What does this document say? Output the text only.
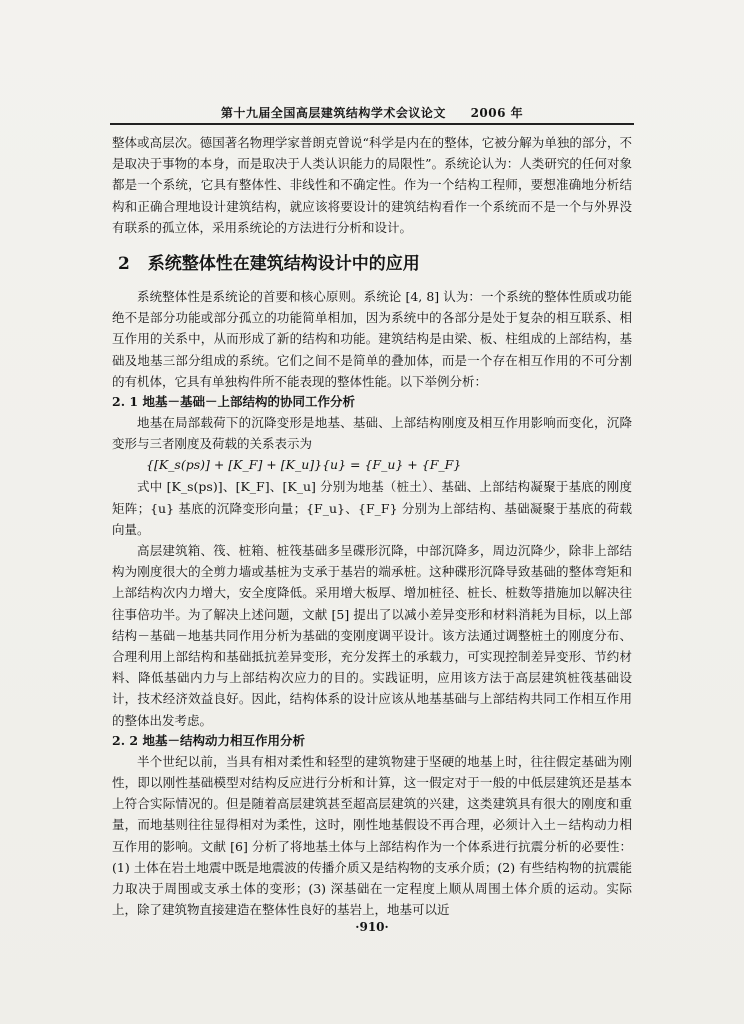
第十九届全国高层建筑结构学术会议论文 2006 年

整体或高层次。德国著名物理学家普朗克曾说“科学是内在的整体，它被分解为单独的部分，不是取决于事物的本身，而是取决于人类认识能力的局限性”。系统论认为：人类研究的任何对象都是一个系统，它具有整体性、非线性和不确定性。作为一个结构工程师，要想准确地分析结构和正确合理地设计建筑结构，就应该将要设计的建筑结构看作一个系统而不是一个与外界没有联系的孤立体，采用系统论的方法进行分析和设计。

2 系统整体性在建筑结构设计中的应用

系统整体性是系统论的首要和核心原则。系统论 [4, 8] 认为：一个系统的整体性质或功能绝不是部分功能或部分孤立的功能简单相加，因为系统中的各部分是处于复杂的相互联系、相互作用的关系中，从而形成了新的结构和功能。建筑结构是由梁、板、柱组成的上部结构，基础及地基三部分组成的系统。它们之间不是简单的叠加体，而是一个存在相互作用的不可分割的有机体，它具有单独构件所不能表现的整体性能。以下举例分析：

2. 1 地基－基础－上部结构的协同工作分析

地基在局部载荷下的沉降变形是地基、基础、上部结构刚度及相互作用影响而变化，沉降变形与三者刚度及荷载的关系表示为

{[K_s(ps)] + [K_F] + [K_u]}{u} = {F_u} + {F_F}

式中 [K_s(ps)]、[K_F]、[K_u] 分别为地基（桩土）、基础、上部结构凝聚于基底的刚度矩阵；{u} 基底的沉降变形向量；{F_u}、{F_F} 分别为上部结构、基础凝聚于基底的荷载向量。

高层建筑箱、筏、桩箱、桩筏基础多呈碟形沉降，中部沉降多，周边沉降少，除非上部结构为刚度很大的全剪力墙或基桩为支承于基岩的端承桩。这种碟形沉降导致基础的整体弯矩和上部结构次内力增大，安全度降低。采用增大板厚、增加桩径、桩长、桩数等措施加以解决往往事倍功半。为了解决上述问题，文献 [5] 提出了以减小差异变形和材料消耗为目标，以上部结构－基础－地基共同作用分析为基础的变刚度调平设计。该方法通过调整桩土的刚度分布、合理利用上部结构和基础抵抗差异变形，充分发挥土的承载力，可实现控制差异变形、节约材料、降低基础内力与上部结构次应力的目的。实践证明，应用该方法于高层建筑桩筏基础设计，技术经济效益良好。因此，结构体系的设计应该从地基基础与上部结构共同工作相互作用的整体出发考虑。

2. 2 地基－结构动力相互作用分析

半个世纪以前，当具有相对柔性和轻型的建筑物建于坚硬的地基上时，往往假定基础为刚性，即以刚性基础模型对结构反应进行分析和计算，这一假定对于一般的中低层建筑还是基本上符合实际情况的。但是随着高层建筑甚至超高层建筑的兴建，这类建筑具有很大的刚度和重量，而地基则往往显得相对为柔性，这时，刚性地基假设不再合理，必须计入土－结构动力相互作用的影响。文献 [6] 分析了将地基土体与上部结构作为一个体系进行抗震分析的必要性：(1) 土体在岩土地震中既是地震波的传播介质又是结构物的支承介质；(2) 有些结构物的抗震能力取决于周围或支承土体的变形；(3) 深基础在一定程度上顺从周围土体介质的运动。实际上，除了建筑物直接建造在整体性良好的基岩上，地基可以近

·910·
